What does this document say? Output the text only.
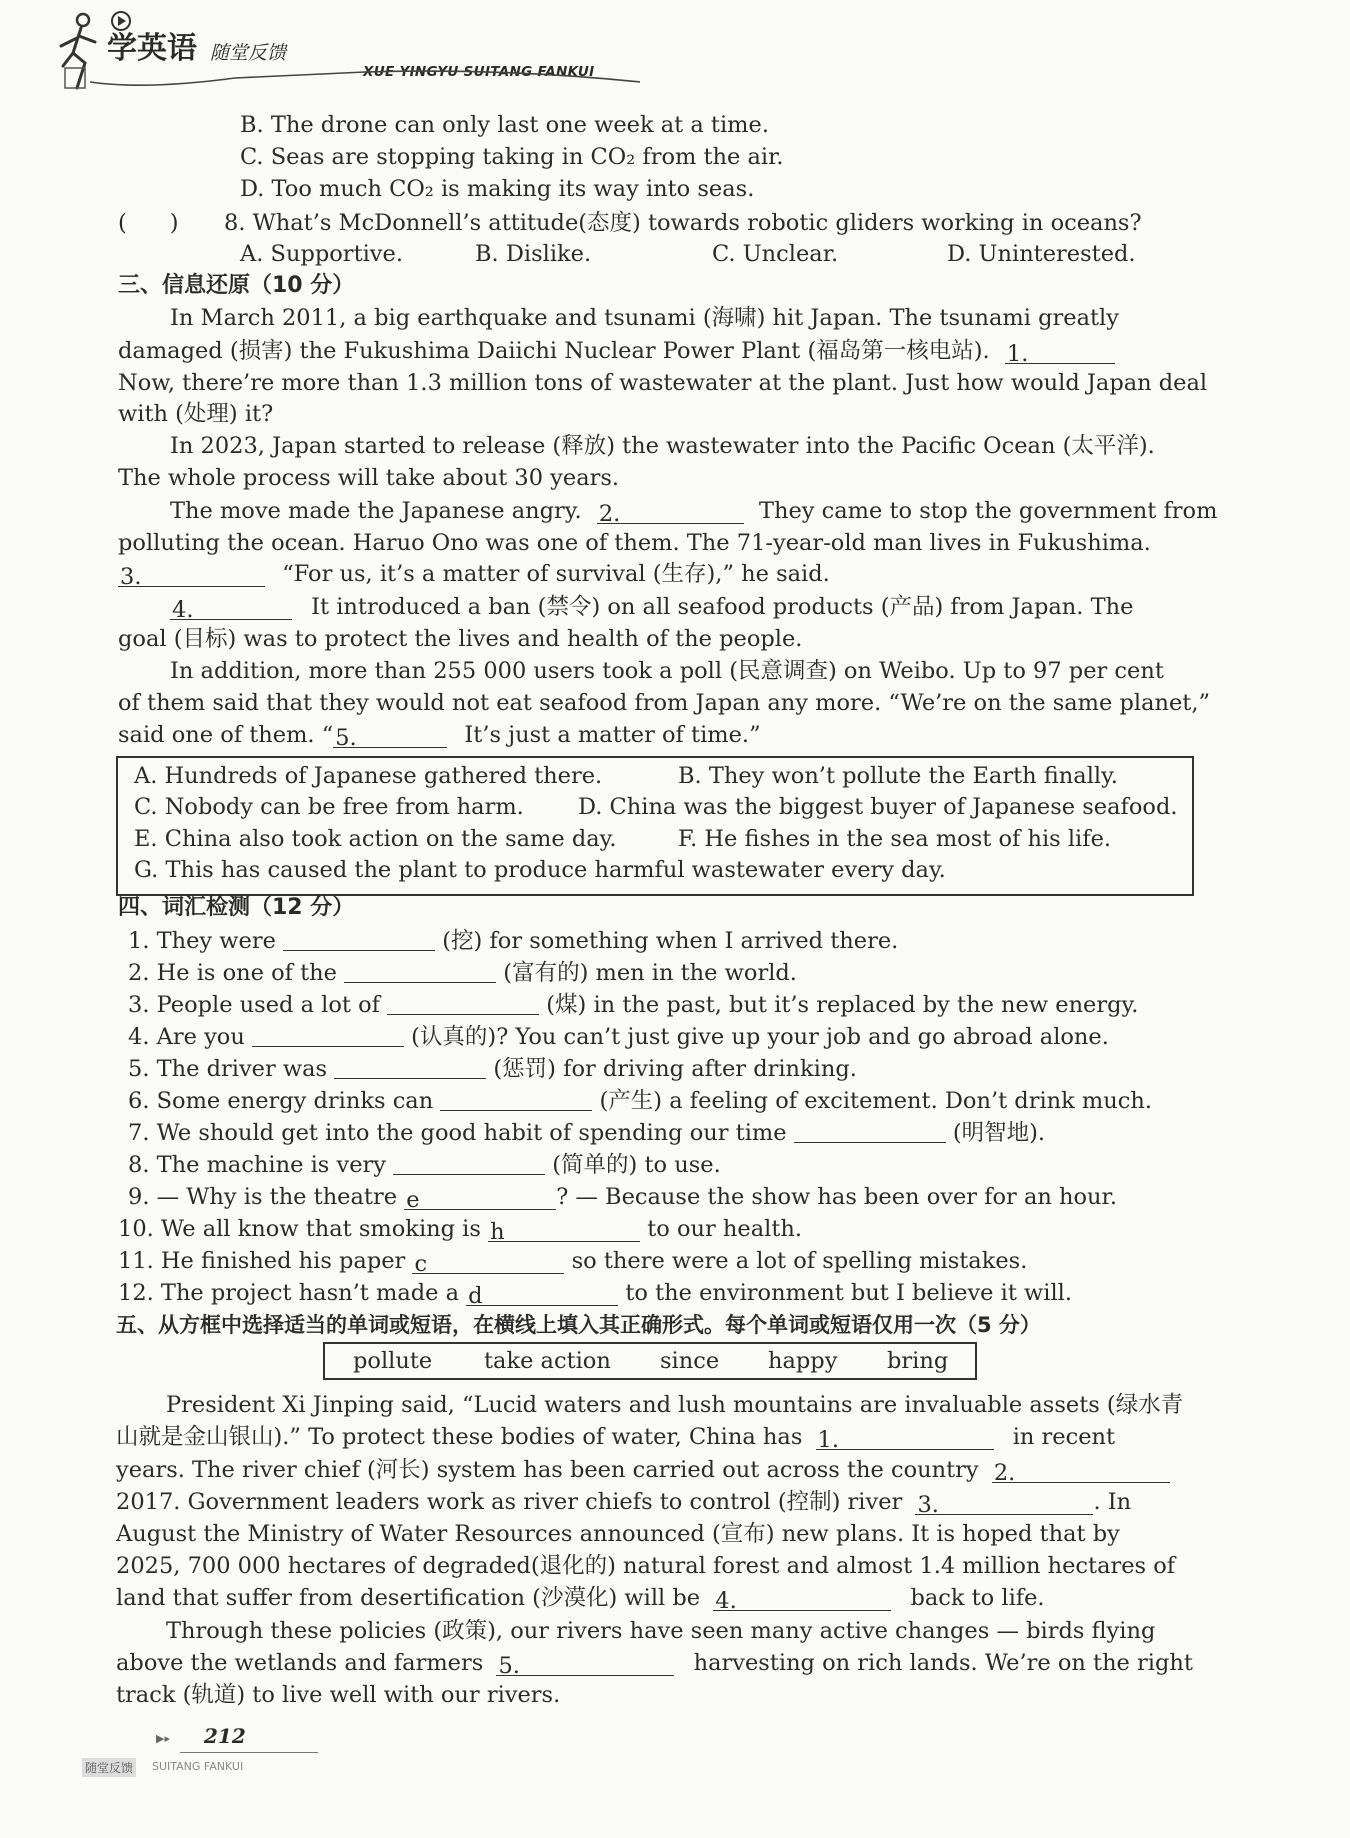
学英语 随堂反馈
XUE YINGYU SUITANG FANKUI
B. The drone can only last one week at a time.
C. Seas are stopping taking in CO₂ from the air.
D. Too much CO₂ is making its way into seas.
(      ) 8. What’s McDonnell’s attitude(态度) towards robotic gliders working in oceans?
A. Supportive.	B. Dislike.	C. Unclear.	D. Uninterested.
三、信息还原（10 分）
In March 2011, a big earthquake and tsunami (海啸) hit Japan. The tsunami greatly
damaged (损害) the Fukushima Daiichi Nuclear Power Plant (福岛第一核电站). 1.
Now, there’re more than 1.3 million tons of wastewater at the plant. Just how would Japan deal
with (处理) it?
In 2023, Japan started to release (释放) the wastewater into the Pacific Ocean (太平洋).
The whole process will take about 30 years.
The move made the Japanese angry. 2.	They came to stop the government from
polluting the ocean. Haruo Ono was one of them. The 71-year-old man lives in Fukushima.
3.	“For us, it’s a matter of survival (生存),” he said.
4.	It introduced a ban (禁令) on all seafood products (产品) from Japan. The
goal (目标) was to protect the lives and health of the people.
In addition, more than 255 000 users took a poll (民意调查) on Weibo. Up to 97 per cent
of them said that they would not eat seafood from Japan any more. “We’re on the same planet,”
said one of them. “5.	It’s just a matter of time.”
A. Hundreds of Japanese gathered there.	B. They won’t pollute the Earth finally.
C. Nobody can be free from harm. D. China was the biggest buyer of Japanese seafood.
E. China also took action on the same day.	F. He fishes in the sea most of his life.
G. This has caused the plant to produce harmful wastewater every day.
四、词汇检测（12 分）
1. They were	(挖) for something when I arrived there.
2. He is one of the	(富有的) men in the world.
3. People used a lot of	(煤) in the past, but it’s replaced by the new energy.
4. Are you	(认真的)? You can’t just give up your job and go abroad alone.
5. The driver was	(惩罚) for driving after drinking.
6. Some energy drinks can	(产生) a feeling of excitement. Don’t drink much.
7. We should get into the good habit of spending our time	(明智地).
8. The machine is very	(简单的) to use.
9. — Why is the theatre e	? — Because the show has been over for an hour.
10. We all know that smoking is h	to our health.
11. He finished his paper c	so there were a lot of spelling mistakes.
12. The project hasn’t made a d	to the environment but I believe it will.
五、从方框中选择适当的单词或短语，在横线上填入其正确形式。每个单词或短语仅用一次（5 分）
pollute take action since happy bring
President Xi Jinping said, “Lucid waters and lush mountains are invaluable assets (绿水青
山就是金山银山).” To protect these bodies of water, China has 1.	in recent
years. The river chief (河长) system has been carried out across the country 2.
2017. Government leaders work as river chiefs to control (控制) river 3.	. In
August the Ministry of Water Resources announced (宣布) new plans. It is hoped that by
2025, 700 000 hectares of degraded(退化的) natural forest and almost 1.4 million hectares of
land that suffer from desertification (沙漠化) will be 4.	back to life.
Through these policies (政策), our rivers have seen many active changes — birds flying
above the wetlands and farmers 5.	harvesting on rich lands. We’re on the right
track (轨道) to live well with our rivers.
▶▸ 212
随堂反馈 SUITANG FANKUI
